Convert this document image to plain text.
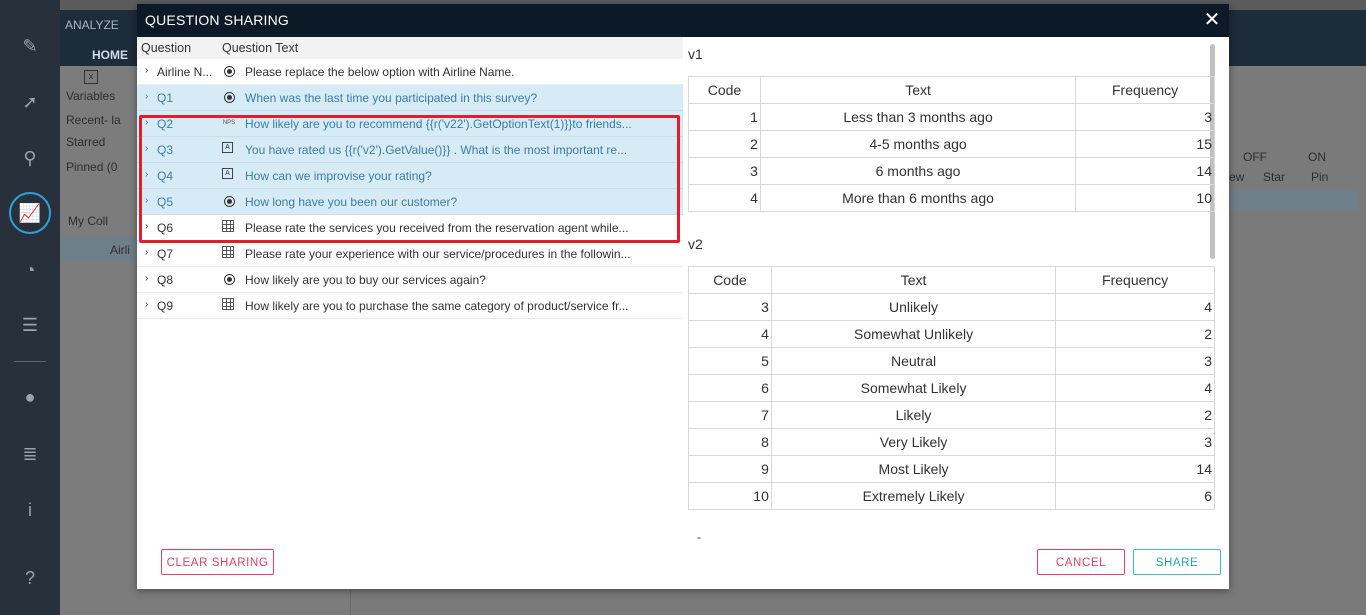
✎
➚
⚲
📈
◔
☰
●
≣
i
?
ANALYZE
HOME
x
Variables
Recent- la
Starred
Pinned (0
My Coll
Airli
OFF	ON
ew Star Pin
QUESTION SHARING	✕
Question Question Text
› Airline N...	Please replace the below option with Airline Name.
› Q1	When was the last time you participated in this survey?
› Q2	NPS How likely are you to recommend {{r('v22').GetOptionText(1)}}to friends...
› Q3	A You have rated us {{r('v2').GetValue()}} . What is the most important re...
› Q4	A How can we improvise your rating?
› Q5	How long have you been our customer?
› Q6	Please rate the services you received from the reservation agent while...
› Q7	Please rate your experience with our service/procedures in the followin...
› Q8	How likely are you to buy our services again?
› Q9	How likely are you to purchase the same category of product/service fr...
v1
Code	Text	Frequency
1	Less than 3 months ago	3
2	4-5 months ago	15
3	6 months ago	14
4	More than 6 months ago	10
v2
Code	Text	Frequency
3	Unlikely	4
4	Somewhat Unlikely	2
5	Neutral	3
6	Somewhat Likely	4
7	Likely	2
8	Very Likely	3
9	Most Likely	14
10	Extremely Likely	6
-
CLEAR SHARING	CANCEL	SHARE
